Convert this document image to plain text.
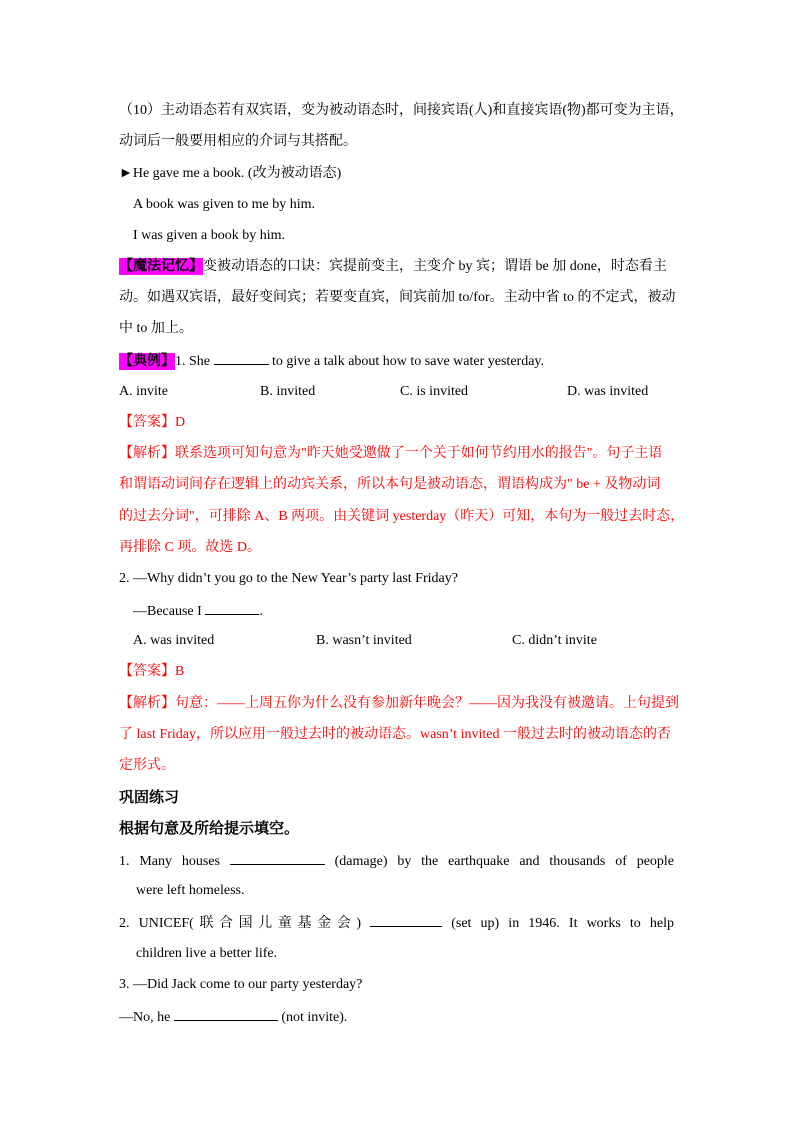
（10）主动语态若有双宾语，变为被动语态时，间接宾语(人)和直接宾语(物)都可变为主语，
动词后一般要用相应的介词与其搭配。
►He gave me a book. (改为被动语态)
A book was given to me by him.
I was given a book by him.
【魔法记忆】变被动语态的口诀：宾提前变主，主变介 by 宾；谓语 be 加 done，时态看主
动。如遇双宾语，最好变间宾；若要变直宾，间宾前加 to/for。主动中省 to 的不定式，被动
中 to 加上。
【典例】1. She	to give a talk about how to save water yesterday.
A. invite	B. invited	C. is invited	D. was invited
【答案】D
【解析】联系选项可知句意为"昨天她受邀做了一个关于如何节约用水的报告"。句子主语
和谓语动词间存在逻辑上的动宾关系，所以本句是被动语态，谓语构成为" be + 及物动词
的过去分词"，可排除 A、B 两项。由关键词 yesterday（昨天）可知，本句为一般过去时态，
再排除 C 项。故选 D。
2. —Why didn’t you go to the New Year’s party last Friday?
—Because I	.
A. was invited	B. wasn’t invited	C. didn’t invite
【答案】B
【解析】句意：——上周五你为什么没有参加新年晚会？——因为我没有被邀请。上句提到
了 last Friday，所以应用一般过去时的被动语态。wasn’t invited 一般过去时的被动语态的否
定形式。
巩固练习
根据句意及所给提示填空。
1. Many houses	(damage) by the earthquake and thousands of people
were left homeless.
2. UNICEF(联合国儿童基金会)	(set up) in 1946. It works to help
children live a better life.
3. —Did Jack come to our party yesterday?
—No, he	(not invite).
